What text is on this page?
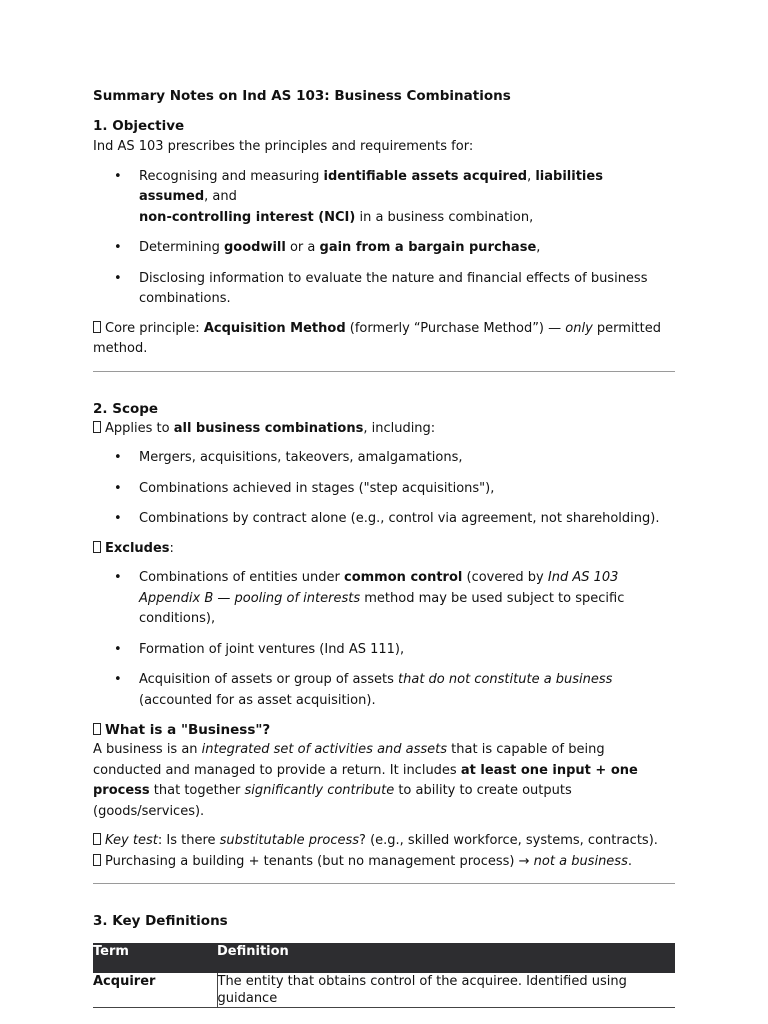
Summary Notes on Ind AS 103: Business Combinations

1. Objective

Ind AS 103 prescribes the principles and requirements for:

• Recognising and measuring identifiable assets acquired, liabilities assumed, and
non-controlling interest (NCI) in a business combination,
• Determining goodwill or a gain from a bargain purchase,
• Disclosing information to evaluate the nature and financial effects of business combinations.

Core principle: Acquisition Method (formerly “Purchase Method”) — only permitted method.

2. Scope

Applies to all business combinations, including:

• Mergers, acquisitions, takeovers, amalgamations,
• Combinations achieved in stages ("step acquisitions"),
• Combinations by contract alone (e.g., control via agreement, not shareholding).

Excludes:

• Combinations of entities under common control (covered by Ind AS 103 Appendix B — pooling of interests method may be used subject to specific conditions),
• Formation of joint ventures (Ind AS 111),
• Acquisition of assets or group of assets that do not constitute a business (accounted for as asset acquisition).

What is a "Business"?

A business is an integrated set of activities and assets that is capable of being conducted and managed to provide a return. It includes at least one input + one process that together significantly contribute to ability to create outputs (goods/services).

Key test: Is there substitutable process? (e.g., skilled workforce, systems, contracts).

Purchasing a building + tenants (but no management process) → not a business.

3. Key Definitions

Term	Definition
Acquirer	The entity that obtains control of the acquiree. Identified using guidance
